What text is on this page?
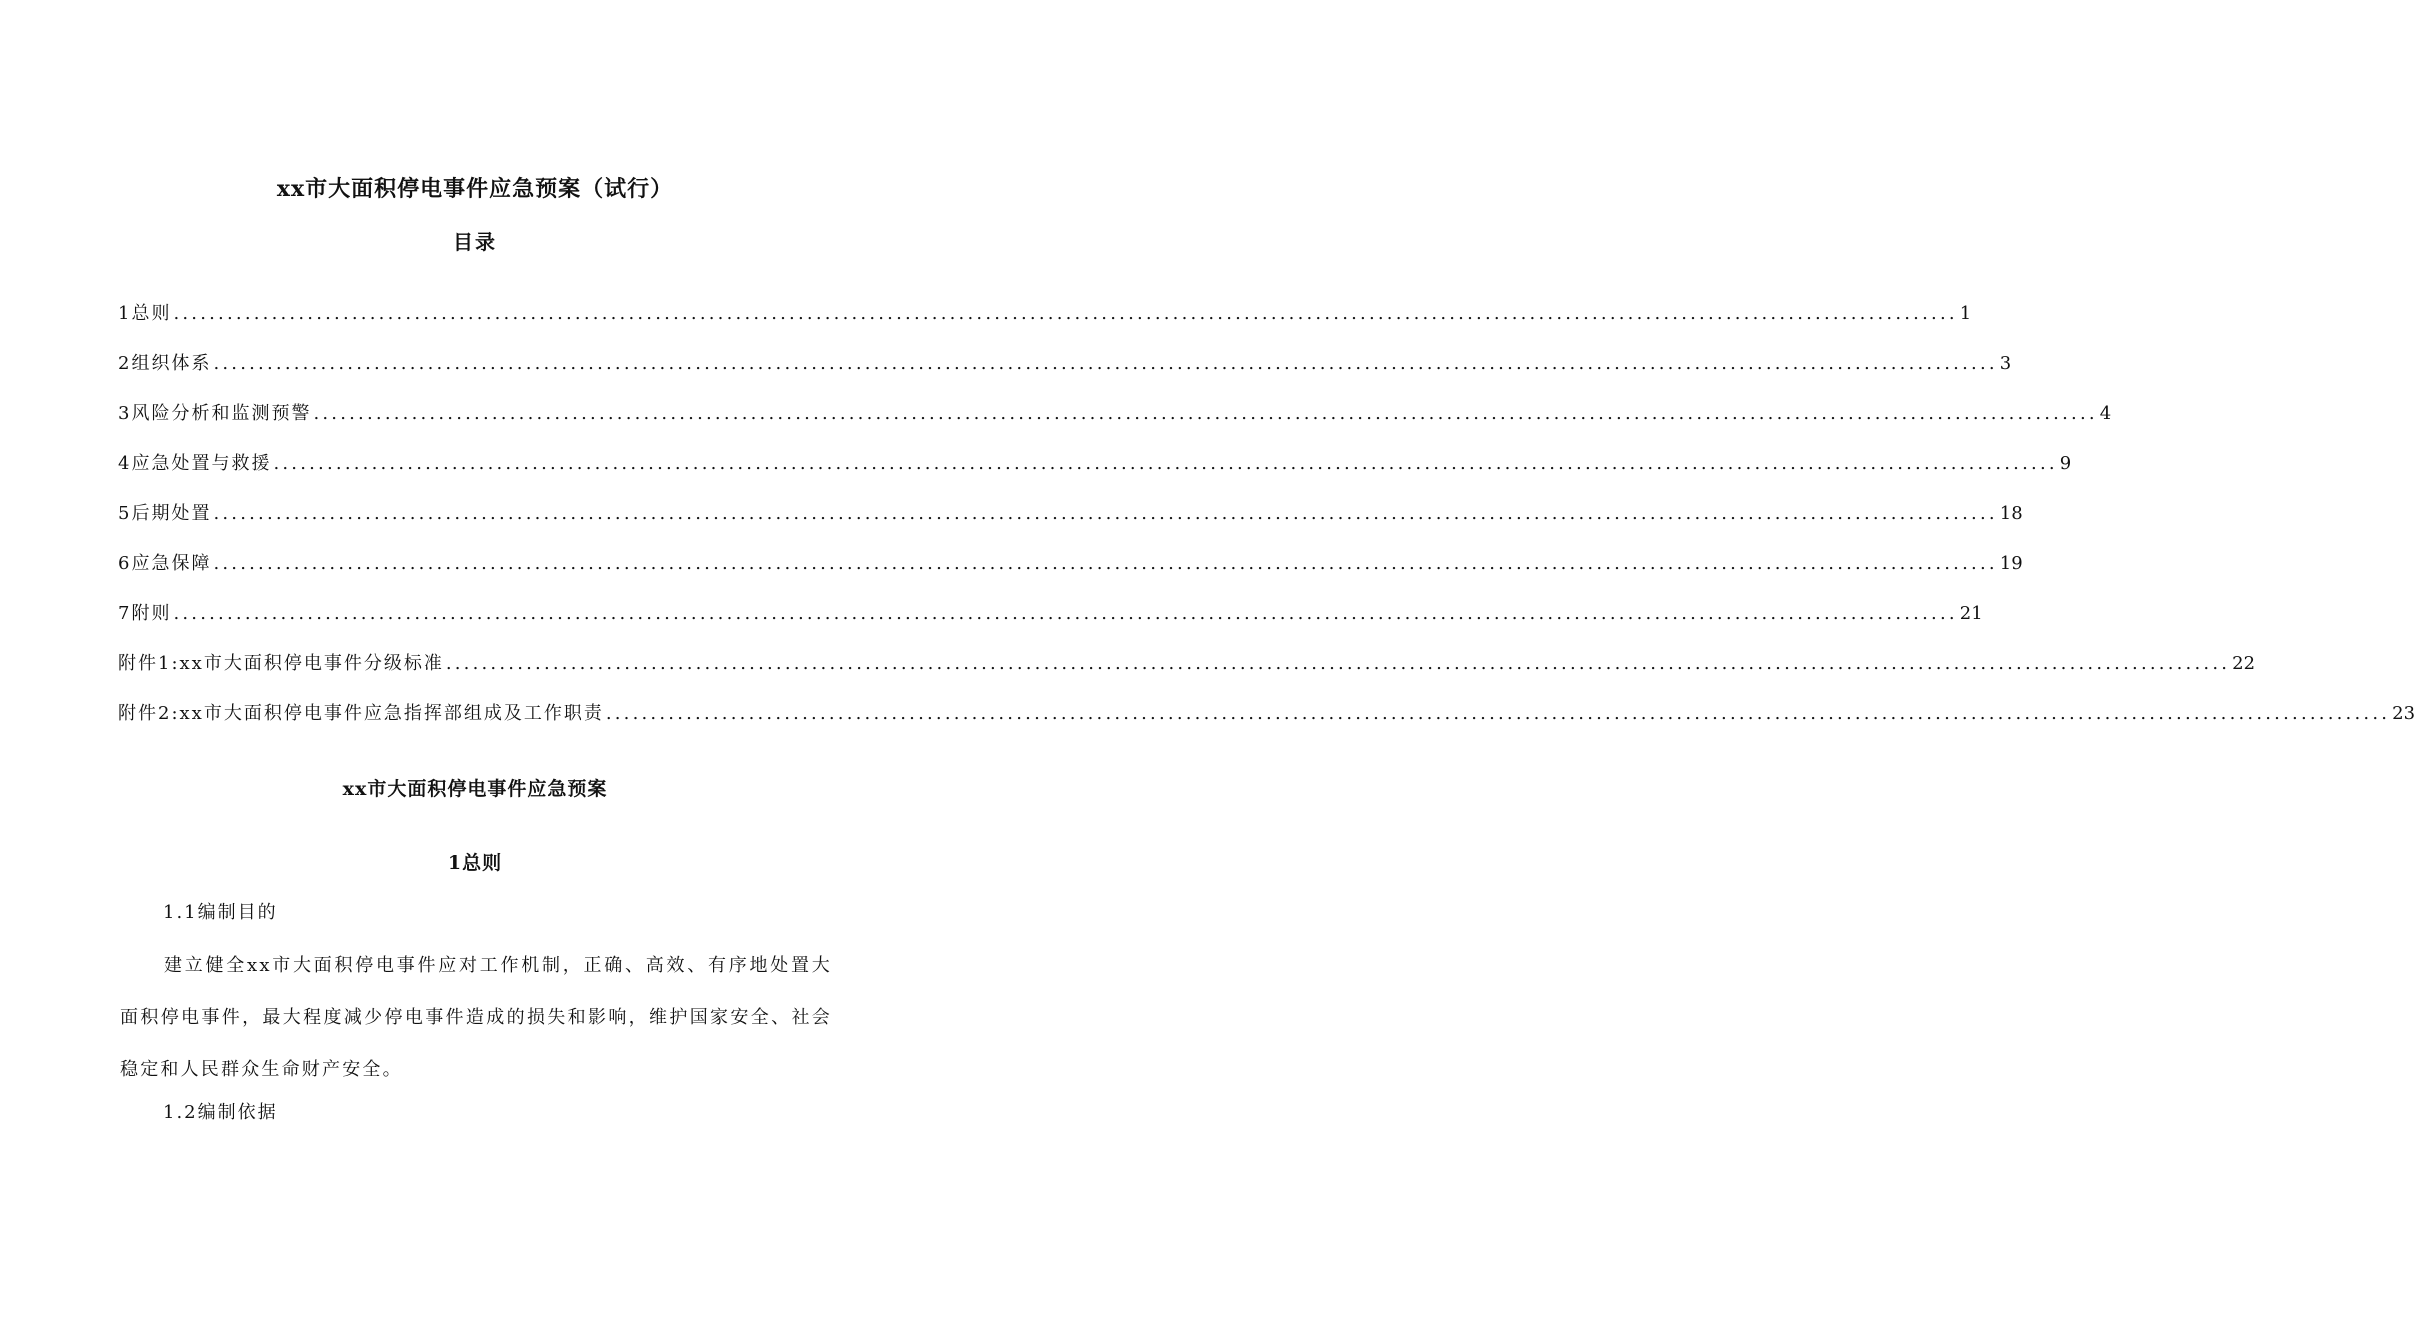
xx市大面积停电事件应急预案（试行）
目录
1总则 ........................................................................................................................................................................................................ 1
2组织体系 ........................................................................................................................................................................................................ 3
3风险分析和监测预警 ........................................................................................................................................................................................................ 4
4应急处置与救援 ........................................................................................................................................................................................................ 9
5后期处置 ........................................................................................................................................................................................................ 18
6应急保障 ........................................................................................................................................................................................................ 19
7附则 ........................................................................................................................................................................................................ 21
附件1:xx市大面积停电事件分级标准 ........................................................................................................................................................................................................ 22
附件2:xx市大面积停电事件应急指挥部组成及工作职责 ........................................................................................................................................................................................................ 23
xx市大面积停电事件应急预案
1总则
1.1编制目的
建立健全xx市大面积停电事件应对工作机制，正确、高效、有序地处置大面积停电事件，最大程度减少停电事件造成的损失和影响，维护国家安全、社会稳定和人民群众生命财产安全。
1.2编制依据
